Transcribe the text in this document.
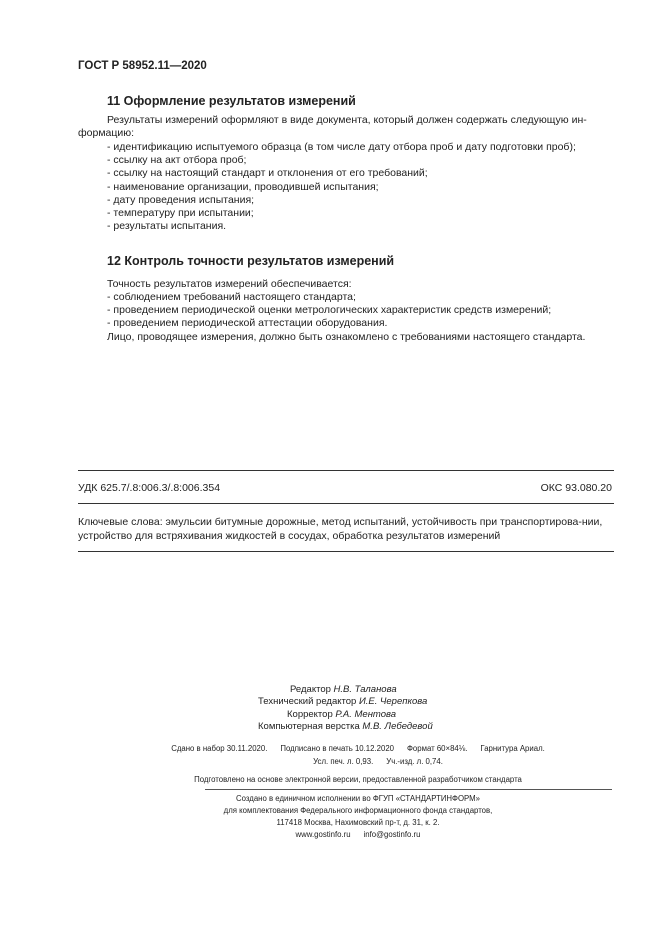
ГОСТ Р 58952.11—2020
11 Оформление результатов измерений
Результаты измерений оформляют в виде документа, который должен содержать следующую ин-формацию:
- идентификацию испытуемого образца (в том числе дату отбора проб и дату подготовки проб);
- ссылку на акт отбора проб;
- ссылку на настоящий стандарт и отклонения от его требований;
- наименование организации, проводившей испытания;
- дату проведения испытания;
- температуру при испытании;
- результаты испытания.
12 Контроль точности результатов измерений
Точность результатов измерений обеспечивается:
- соблюдением требований настоящего стандарта;
- проведением периодической оценки метрологических характеристик средств измерений;
- проведением периодической аттестации оборудования.
Лицо, проводящее измерения, должно быть ознакомлено с требованиями настоящего стандарта.
УДК 625.7/.8:006.3/.8:006.354	ОКС 93.080.20
Ключевые слова: эмульсии битумные дорожные, метод испытаний, устойчивость при транспортирова-нии, устройство для встряхивания жидкостей в сосудах, обработка результатов измерений
Редактор Н.В. Таланова
Технический редактор И.Е. Черепкова
Корректор Р.А. Ментова
Компьютерная верстка М.В. Лебедевой
Сдано в набор 30.11.2020.      Подписано в печать 10.12.2020      Формат 60×84⅛.      Гарнитура Ариал.
Усл. печ. л. 0,93.      Уч.-изд. л. 0,74.
Подготовлено на основе электронной версии, предоставленной разработчиком стандарта
Создано в единичном исполнении во ФГУП «СТАНДАРТИНФОРМ»
для комплектования Федерального информационного фонда стандартов,
117418 Москва, Нахимовский пр-т, д. 31, к. 2.
www.gostinfo.ru      info@gostinfo.ru
